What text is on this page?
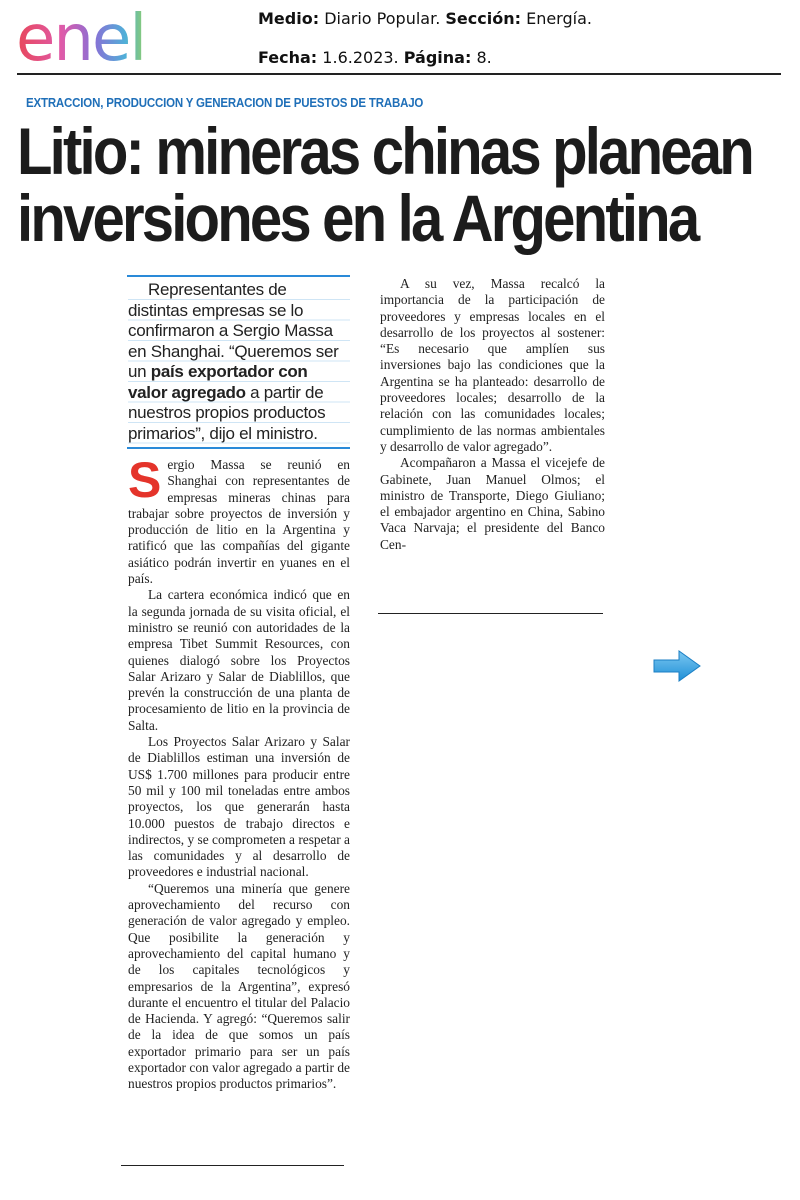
enel	Medio: Diario Popular. Sección: Energía.
Fecha: 1.6.2023. Página: 8.
EXTRACCION, PRODUCCION Y GENERACION DE PUESTOS DE TRABAJO
Litio: mineras chinas planean
inversiones en la Argentina
Representantes de
distintas empresas se lo
confirmaron a Sergio Massa
en Shanghai. “Queremos ser
un país exportador con
valor agregado a partir de
nuestros propios productos
primarios”, dijo el ministro.

Sergio Massa se reunió en Shanghai con representantes de empresas mineras chinas para trabajar sobre proyectos de inversión y producción de litio en la Argentina y ratificó que las compañías del gigante asiático podrán invertir en yuanes en el país.

La cartera económica indicó que en la segunda jornada de su visita oficial, el ministro se reunió con autoridades de la empresa Tibet Summit Resources, con quienes dialogó sobre los Proyectos Salar Arizaro y Salar de Diablillos, que prevén la construcción de una planta de procesamiento de litio en la provincia de Salta.

Los Proyectos Salar Arizaro y Salar de Diablillos estiman una inversión de US$ 1.700 millones para producir entre 50 mil y 100 mil toneladas entre ambos proyectos, los que generarán hasta 10.000 puestos de trabajo directos e indirectos, y se comprometen a respetar a las comunidades y al desarrollo de proveedores e industrial nacional.

“Queremos una minería que genere aprovechamiento del recurso con generación de valor agregado y empleo. Que posibilite la generación y aprovechamiento del capital humano y de los capitales tecnológicos y empresarios de la Argentina”, expresó durante el encuentro el titular del Palacio de Hacienda. Y agregó: “Queremos salir de la idea de que somos un país exportador primario para ser un país exportador con valor agregado a partir de nuestros propios productos primarios”.

A su vez, Massa recalcó la importancia de la participación de proveedores y empresas locales en el desarrollo de los proyectos al sostener: “Es necesario que amplíen sus inversiones bajo las condiciones que la Argentina se ha planteado: desarrollo de proveedores locales; desarrollo de la relación con las comunidades locales; cumplimiento de las normas ambientales y desarrollo de valor agregado”.

Acompañaron a Massa el vicejefe de Gabinete, Juan Manuel Olmos; el ministro de Transporte, Diego Giuliano; el embajador argentino en China, Sabino Vaca Narvaja; el presidente del Banco Cen-
